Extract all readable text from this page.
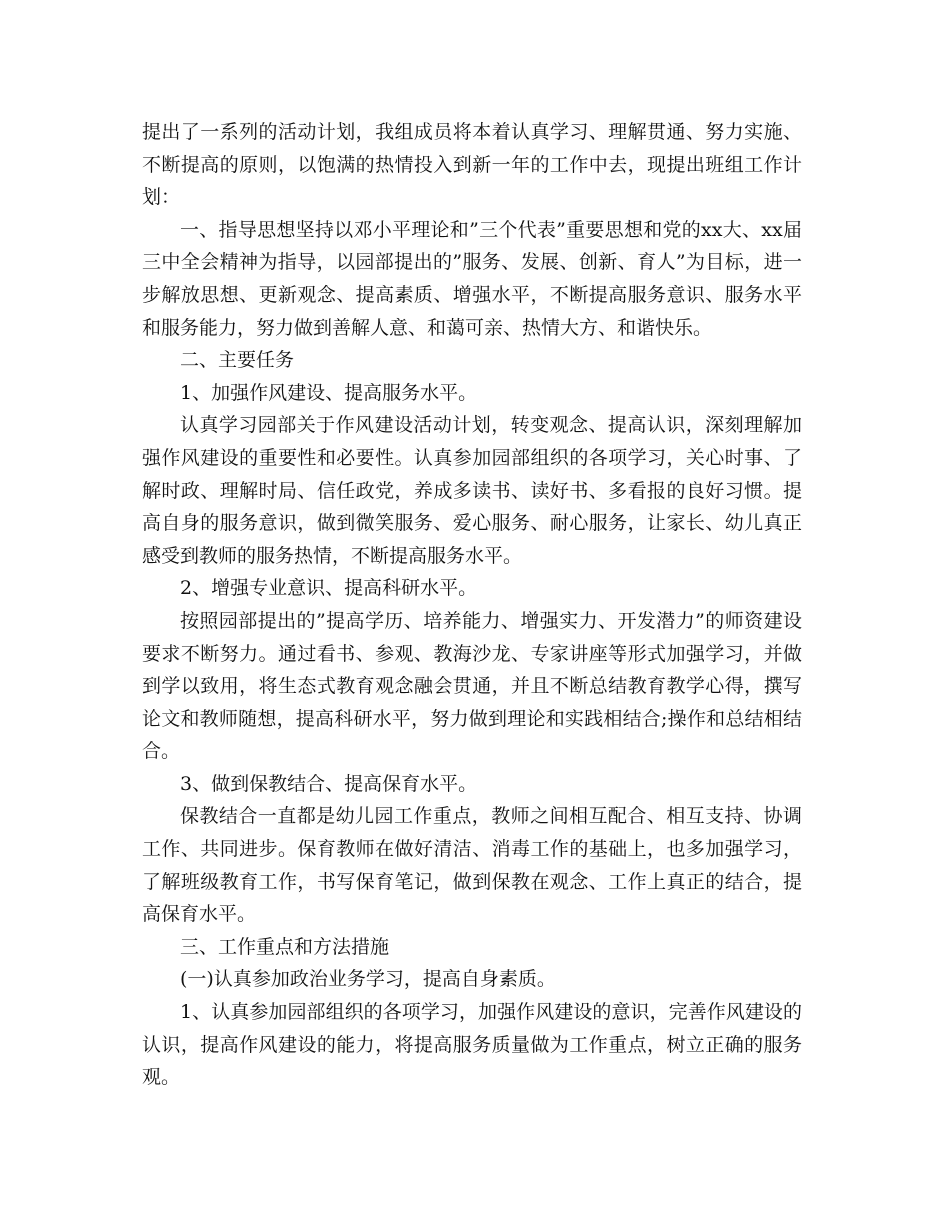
提出了一系列的活动计划，我组成员将本着认真学习、理解贯通、努力实施、不断提高的原则，以饱满的热情投入到新一年的工作中去，现提出班组工作计划：

一、指导思想坚持以邓小平理论和”三个代表”重要思想和党的xx大、xx届三中全会精神为指导，以园部提出的”服务、发展、创新、育人”为目标，进一步解放思想、更新观念、提高素质、增强水平，不断提高服务意识、服务水平和服务能力，努力做到善解人意、和蔼可亲、热情大方、和谐快乐。

二、主要任务

1、加强作风建设、提高服务水平。

认真学习园部关于作风建设活动计划，转变观念、提高认识，深刻理解加强作风建设的重要性和必要性。认真参加园部组织的各项学习，关心时事、了解时政、理解时局、信任政党，养成多读书、读好书、多看报的良好习惯。提高自身的服务意识，做到微笑服务、爱心服务、耐心服务，让家长、幼儿真正感受到教师的服务热情，不断提高服务水平。

2、增强专业意识、提高科研水平。

按照园部提出的”提高学历、培养能力、增强实力、开发潜力”的师资建设要求不断努力。通过看书、参观、教海沙龙、专家讲座等形式加强学习，并做到学以致用，将生态式教育观念融会贯通，并且不断总结教育教学心得，撰写论文和教师随想，提高科研水平，努力做到理论和实践相结合;操作和总结相结合。

3、做到保教结合、提高保育水平。

保教结合一直都是幼儿园工作重点，教师之间相互配合、相互支持、协调工作、共同进步。保育教师在做好清洁、消毒工作的基础上，也多加强学习，了解班级教育工作，书写保育笔记，做到保教在观念、工作上真正的结合，提高保育水平。

三、工作重点和方法措施

(一)认真参加政治业务学习，提高自身素质。

1、认真参加园部组织的各项学习，加强作风建设的意识，完善作风建设的认识，提高作风建设的能力，将提高服务质量做为工作重点，树立正确的服务观。
